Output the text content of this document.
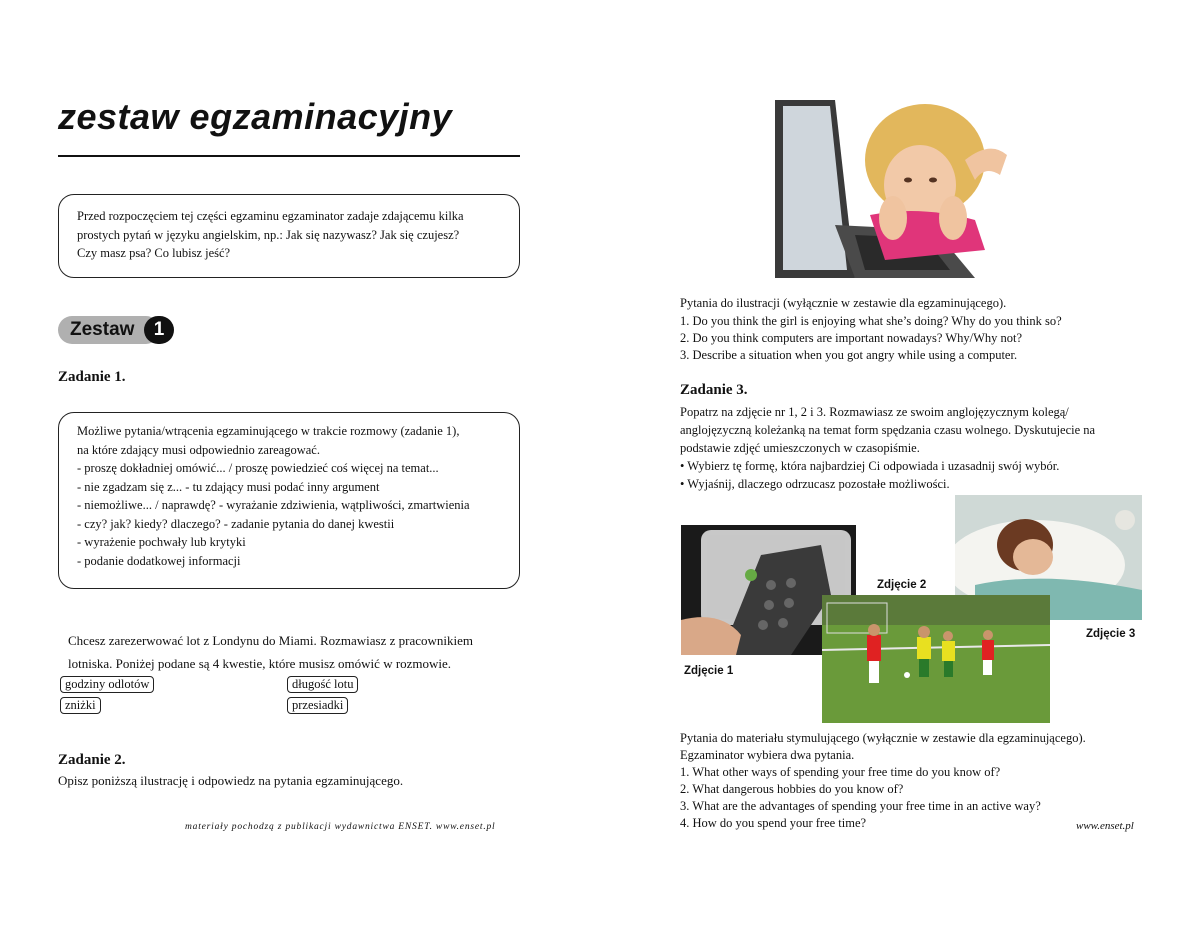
zestaw egzaminacyjny
Przed rozpoczęciem tej części egzaminu egzaminator zadaje zdającemu kilka
prostych pytań w języku angielskim, np.: Jak się nazywasz? Jak się czujesz?
Czy masz psa? Co lubisz jeść?
Zestaw	1
Zadanie 1.
Możliwe pytania/wtrącenia egzaminującego w trakcie rozmowy (zadanie 1),
na które zdający musi odpowiednio zareagować.
- proszę dokładniej omówić... / proszę powiedzieć coś więcej na temat...
- nie zgadzam się z... - tu zdający musi podać inny argument
- niemożliwe... / naprawdę? - wyrażanie zdziwienia, wątpliwości, zmartwienia
- czy? jak? kiedy? dlaczego? - zadanie pytania do danej kwestii
- wyrażenie pochwały lub krytyki
- podanie dodatkowej informacji
Chcesz zarezerwować lot z Londynu do Miami. Rozmawiasz z pracownikiem
lotniska. Poniżej podane są 4 kwestie, które musisz omówić w rozmowie.
godziny odlotów	długość lotu
zniżki	przesiadki
Zadanie 2.
Opisz poniższą ilustrację i odpowiedz na pytania egzaminującego.
materiały pochodzą z publikacji wydawnictwa ENSET. www.enset.pl
Pytania do ilustracji (wyłącznie w zestawie dla egzaminującego).
1. Do you think the girl is enjoying what she’s doing? Why do you think so?
2. Do you think computers are important nowadays? Why/Why not?
3. Describe a situation when you got angry while using a computer.
Zadanie 3.
Popatrz na zdjęcie nr 1, 2 i 3. Rozmawiasz ze swoim anglojęzycznym kolegą/
anglojęzyczną koleżanką na temat form spędzania czasu wolnego. Dyskutujecie na
podstawie zdjęć umieszczonych w czasopiśmie.
• Wybierz tę formę, która najbardziej Ci odpowiada i uzasadnij swój wybór.
• Wyjaśnij, dlaczego odrzucasz pozostałe możliwości.
Zdjęcie 2
Zdjęcie 3
Zdjęcie 1
Pytania do materiału stymulującego (wyłącznie w zestawie dla egzaminującego).
Egzaminator wybiera dwa pytania.
1. What other ways of spending your free time do you know of?
2. What dangerous hobbies do you know of?
3. What are the advantages of spending your free time in an active way?
4. How do you spend your free time?	www.enset.pl
